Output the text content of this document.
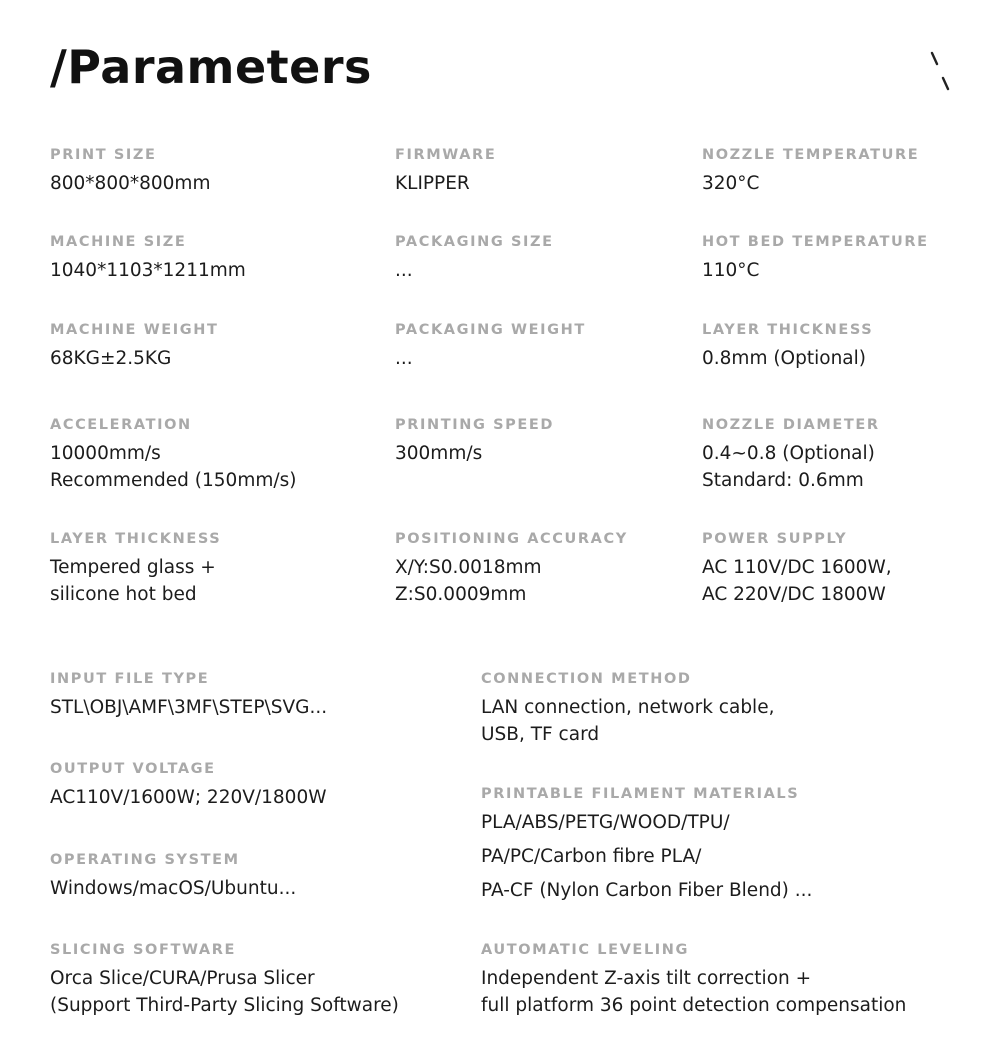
/Parameters
PRINT SIZE
800*800*800mm
FIRMWARE
KLIPPER
NOZZLE TEMPERATURE
320°C
MACHINE SIZE
1040*1103*1211mm
PACKAGING SIZE
...
HOT BED TEMPERATURE
110°C
MACHINE WEIGHT
68KG±2.5KG
PACKAGING WEIGHT
...
LAYER THICKNESS
0.8mm (Optional)
ACCELERATION
10000mm/s
Recommended (150mm/s)
PRINTING SPEED
300mm/s
NOZZLE DIAMETER
0.4~0.8 (Optional)
Standard: 0.6mm
LAYER THICKNESS
Tempered glass +
silicone hot bed
POSITIONING ACCURACY
X/Y:S0.0018mm
Z:S0.0009mm
POWER SUPPLY
AC 110V/DC 1600W,
AC 220V/DC 1800W
INPUT FILE TYPE
STL\OBJ\AMF\3MF\STEP\SVG...
OUTPUT VOLTAGE
AC110V/1600W; 220V/1800W
OPERATING SYSTEM
Windows/macOS/Ubuntu...
SLICING SOFTWARE
Orca Slice/CURA/Prusa Slicer
(Support Third-Party Slicing Software)
CONNECTION METHOD
LAN connection, network cable,
USB, TF card
PRINTABLE FILAMENT MATERIALS
PLA/ABS/PETG/WOOD/TPU/
PA/PC/Carbon fibre PLA/
PA-CF (Nylon Carbon Fiber Blend) ...
AUTOMATIC LEVELING
Independent Z-axis tilt correction +
full platform 36 point detection compensation
